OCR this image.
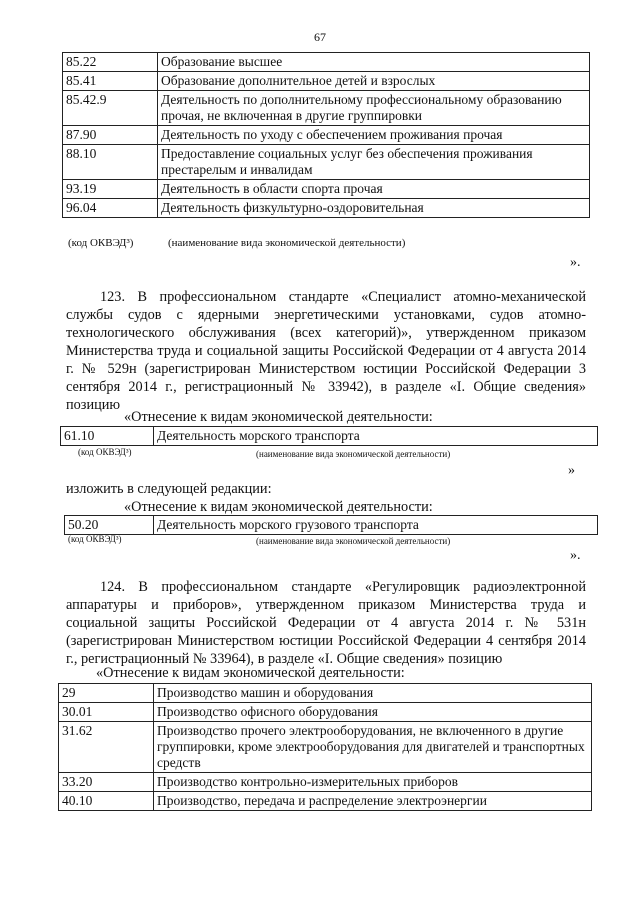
67
85.22	Образование высшее
85.41	Образование дополнительное детей и взрослых
85.42.9	Деятельность по дополнительному профессиональному образованию прочая, не включенная в другие группировки
87.90	Деятельность по уходу с обеспечением проживания прочая
88.10	Предоставление социальных услуг без обеспечения проживания престарелым и инвалидам
93.19	Деятельность в области спорта прочая
96.04	Деятельность физкультурно-оздоровительная
(код ОКВЭД³)	(наименование вида экономической деятельности)
».

123. В профессиональном стандарте «Специалист атомно-механической службы судов с ядерными энергетическими установками, судов атомно-технологического обслуживания (всех категорий)», утвержденном приказом Министерства труда и социальной защиты Российской Федерации от 4 августа 2014 г. № 529н (зарегистрирован Министерством юстиции Российской Федерации 3 сентября 2014 г., регистрационный № 33942), в разделе «I. Общие сведения» позицию

«Отнесение к видам экономической деятельности:
61.10	Деятельность морского транспорта
(код ОКВЭД³)	(наименование вида экономической деятельности)
»
изложить в следующей редакции:
«Отнесение к видам экономической деятельности:
50.20	Деятельность морского грузового транспорта
(код ОКВЭД³)	(наименование вида экономической деятельности)
».

124. В профессиональном стандарте «Регулировщик радиоэлектронной аппаратуры и приборов», утвержденном приказом Министерства труда и социальной защиты Российской Федерации от 4 августа 2014 г. № 531н (зарегистрирован Министерством юстиции Российской Федерации 4 сентября 2014 г., регистрационный № 33964), в разделе «I. Общие сведения» позицию

«Отнесение к видам экономической деятельности:
29	Производство машин и оборудования
30.01	Производство офисного оборудования
31.62	Производство прочего электрооборудования, не включенного в другие группировки, кроме электрооборудования для двигателей и транспортных средств
33.20	Производство контрольно-измерительных приборов
40.10	Производство, передача и распределение электроэнергии
